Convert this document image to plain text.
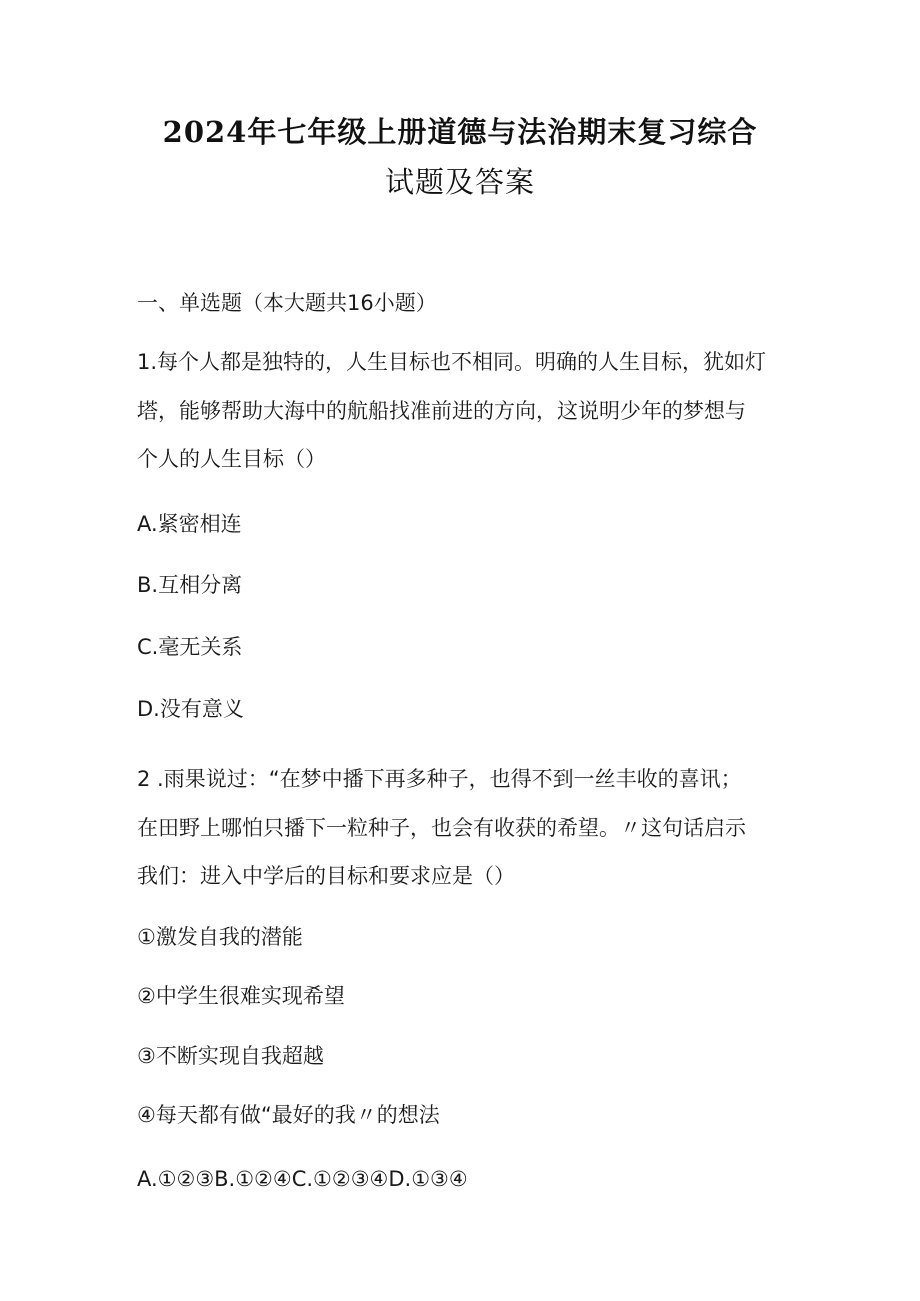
2024年七年级上册道德与法治期末复习综合
试题及答案
一、单选题（本大题共16小题）
1.每个人都是独特的，人生目标也不相同。明确的人生目标，犹如灯
塔，能够帮助大海中的航船找准前进的方向，这说明少年的梦想与
个人的人生目标（）
A.紧密相连
B.互相分离
C.毫无关系
D.没有意义
2 .雨果说过：“在梦中播下再多种子，也得不到一丝丰收的喜讯；
在田野上哪怕只播下一粒种子，也会有收获的希望。〃这句话启示
我们：进入中学后的目标和要求应是（）
①激发自我的潜能
②中学生很难实现希望
③不断实现自我超越
④每天都有做“最好的我〃的想法
A.①②③B.①②④C.①②③④D.①③④
